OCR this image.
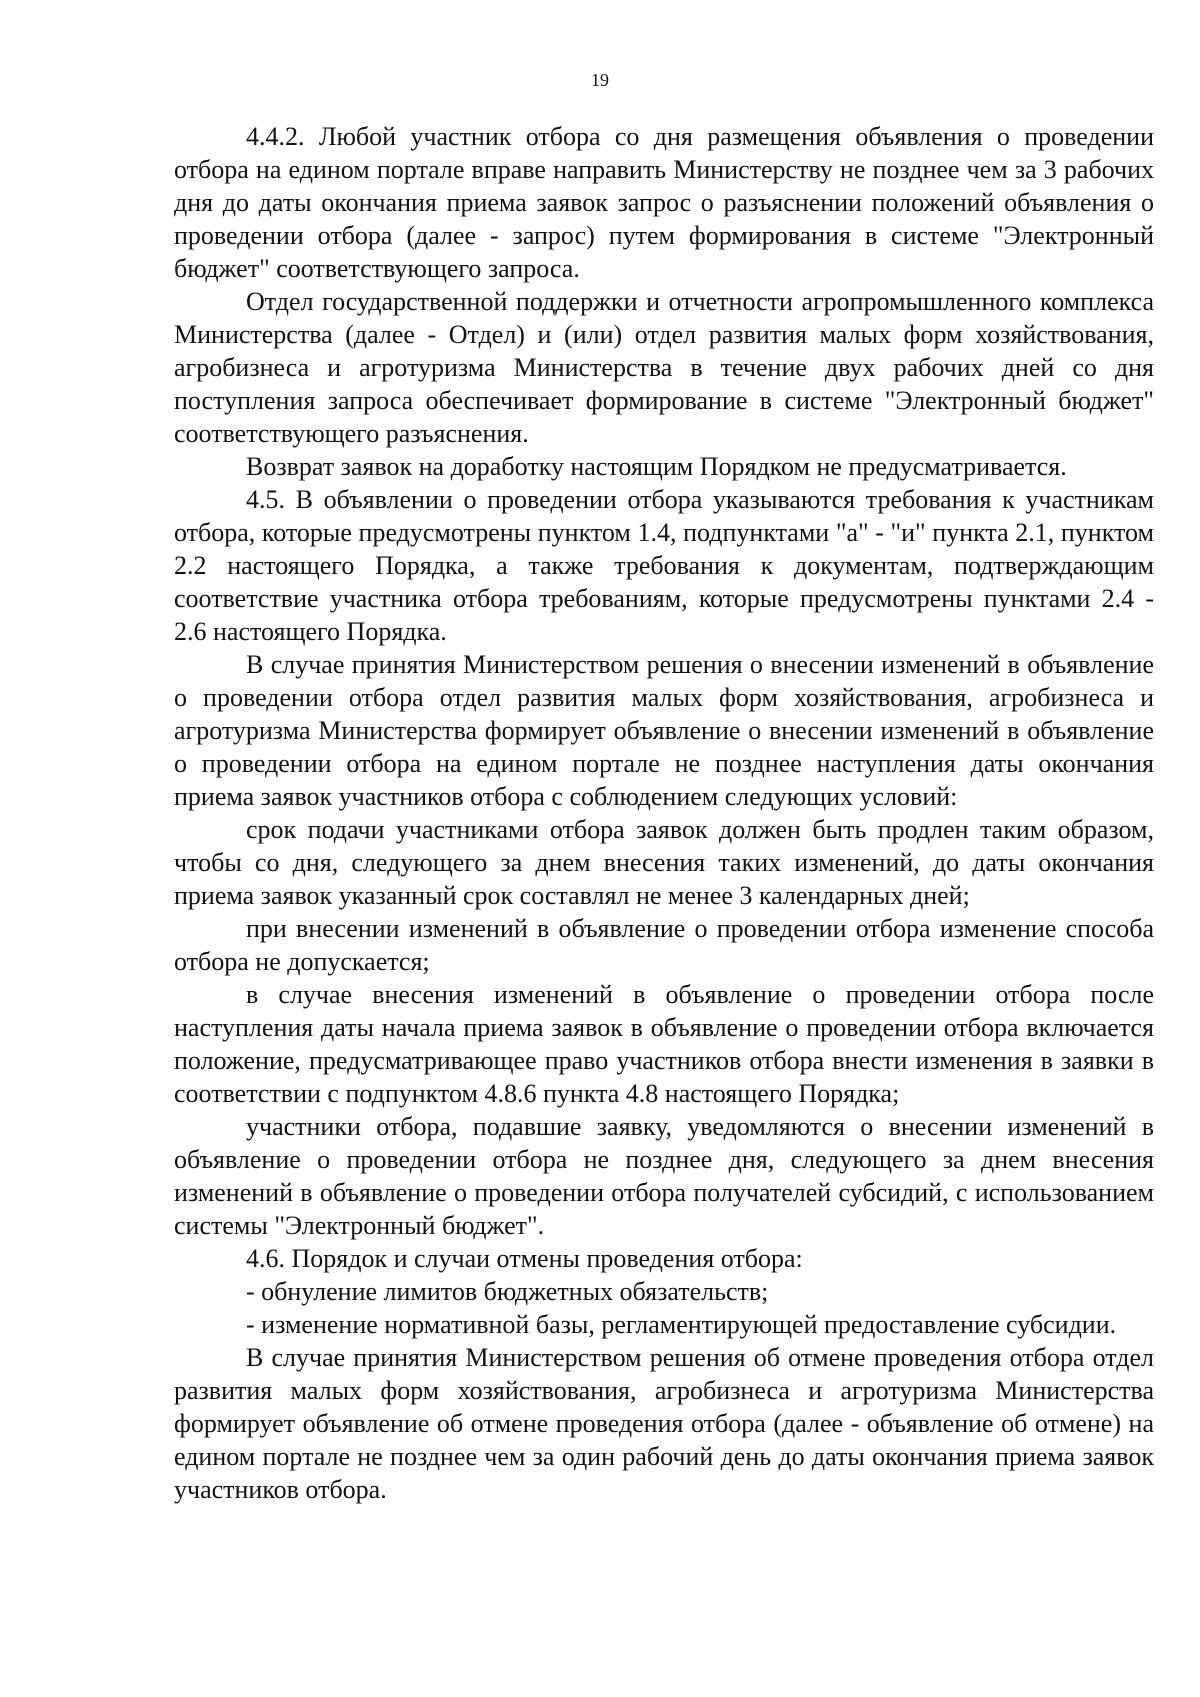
19

4.4.2. Любой участник отбора со дня размещения объявления о проведении отбора на едином портале вправе направить Министерству не позднее чем за 3 рабочих дня до даты окончания приема заявок запрос о разъяснении положений объявления о проведении отбора (далее - запрос) путем формирования в системе "Электронный бюджет" соответствующего запроса.

Отдел государственной поддержки и отчетности агропромышленного комплекса Министерства (далее - Отдел) и (или) отдел развития малых форм хозяйствования, агробизнеса и агротуризма Министерства в течение двух рабочих дней со дня поступления запроса обеспечивает формирование в системе "Электронный бюджет" соответствующего разъяснения.

Возврат заявок на доработку настоящим Порядком не предусматривается.

4.5. В объявлении о проведении отбора указываются требования к участникам отбора, которые предусмотрены пунктом 1.4, подпунктами "а" - "и" пункта 2.1, пунктом 2.2 настоящего Порядка, а также требования к документам, подтверждающим соответствие участника отбора требованиям, которые предусмотрены пунктами 2.4 - 2.6 настоящего Порядка.

В случае принятия Министерством решения о внесении изменений в объявление о проведении отбора отдел развития малых форм хозяйствования, агробизнеса и агротуризма Министерства формирует объявление о внесении изменений в объявление о проведении отбора на едином портале не позднее наступления даты окончания приема заявок участников отбора с соблюдением следующих условий:

срок подачи участниками отбора заявок должен быть продлен таким образом, чтобы со дня, следующего за днем внесения таких изменений, до даты окончания приема заявок указанный срок составлял не менее 3 календарных дней;

при внесении изменений в объявление о проведении отбора изменение способа отбора не допускается;

в случае внесения изменений в объявление о проведении отбора после наступления даты начала приема заявок в объявление о проведении отбора включается положение, предусматривающее право участников отбора внести изменения в заявки в соответствии с подпунктом 4.8.6 пункта 4.8 настоящего Порядка;

участники отбора, подавшие заявку, уведомляются о внесении изменений в объявление о проведении отбора не позднее дня, следующего за днем внесения изменений в объявление о проведении отбора получателей субсидий, с использованием системы "Электронный бюджет".

4.6. Порядок и случаи отмены проведения отбора:

- обнуление лимитов бюджетных обязательств;

- изменение нормативной базы, регламентирующей предоставление субсидии.

В случае принятия Министерством решения об отмене проведения отбора отдел развития малых форм хозяйствования, агробизнеса и агротуризма Министерства формирует объявление об отмене проведения отбора (далее - объявление об отмене) на едином портале не позднее чем за один рабочий день до даты окончания приема заявок участников отбора.
